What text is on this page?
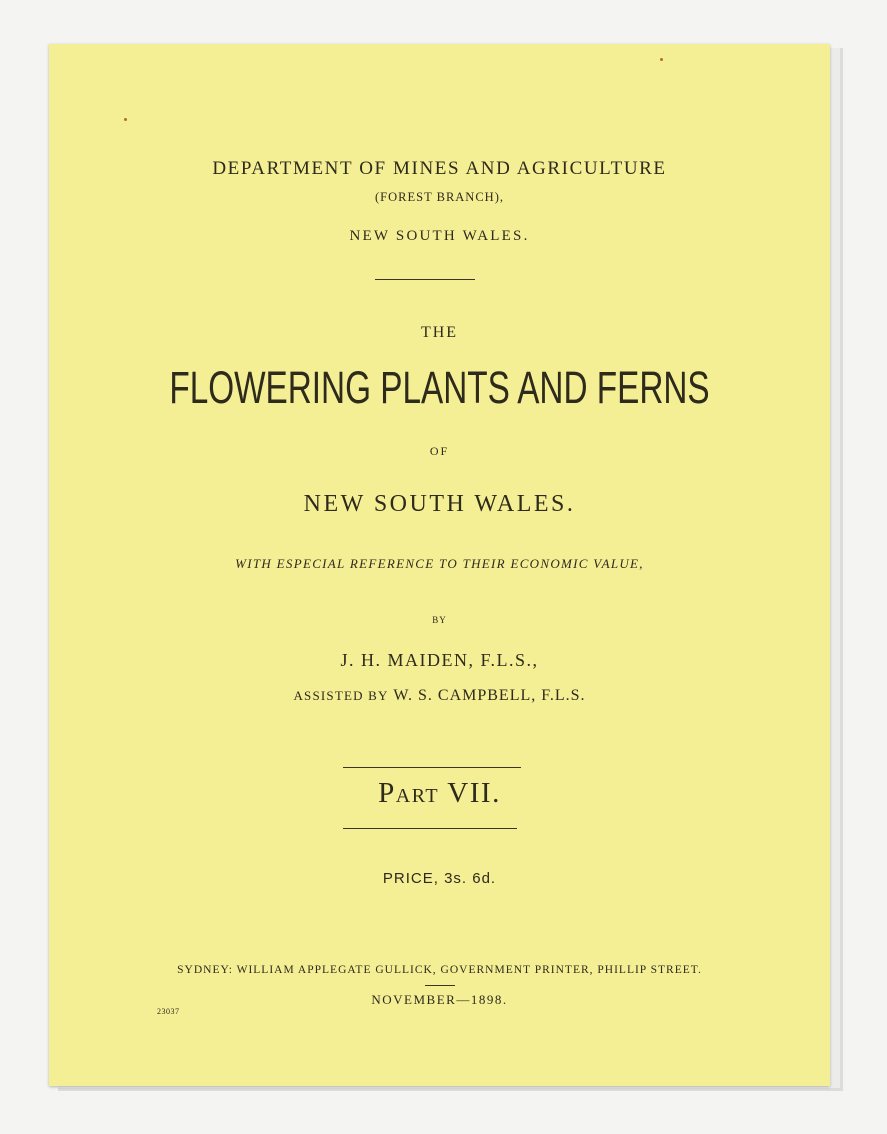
DEPARTMENT OF MINES AND AGRICULTURE
(FOREST BRANCH),
NEW SOUTH WALES.
THE
FLOWERING PLANTS AND FERNS
OF
NEW SOUTH WALES.
WITH ESPECIAL REFERENCE TO THEIR ECONOMIC VALUE,
BY
J. H. MAIDEN, F.L.S.,
ASSISTED BY W. S. CAMPBELL, F.L.S.
Part VII.
PRICE, 3s. 6d.
SYDNEY: WILLIAM APPLEGATE GULLICK, GOVERNMENT PRINTER, PHILLIP STREET.
NOVEMBER—1898.
23037
